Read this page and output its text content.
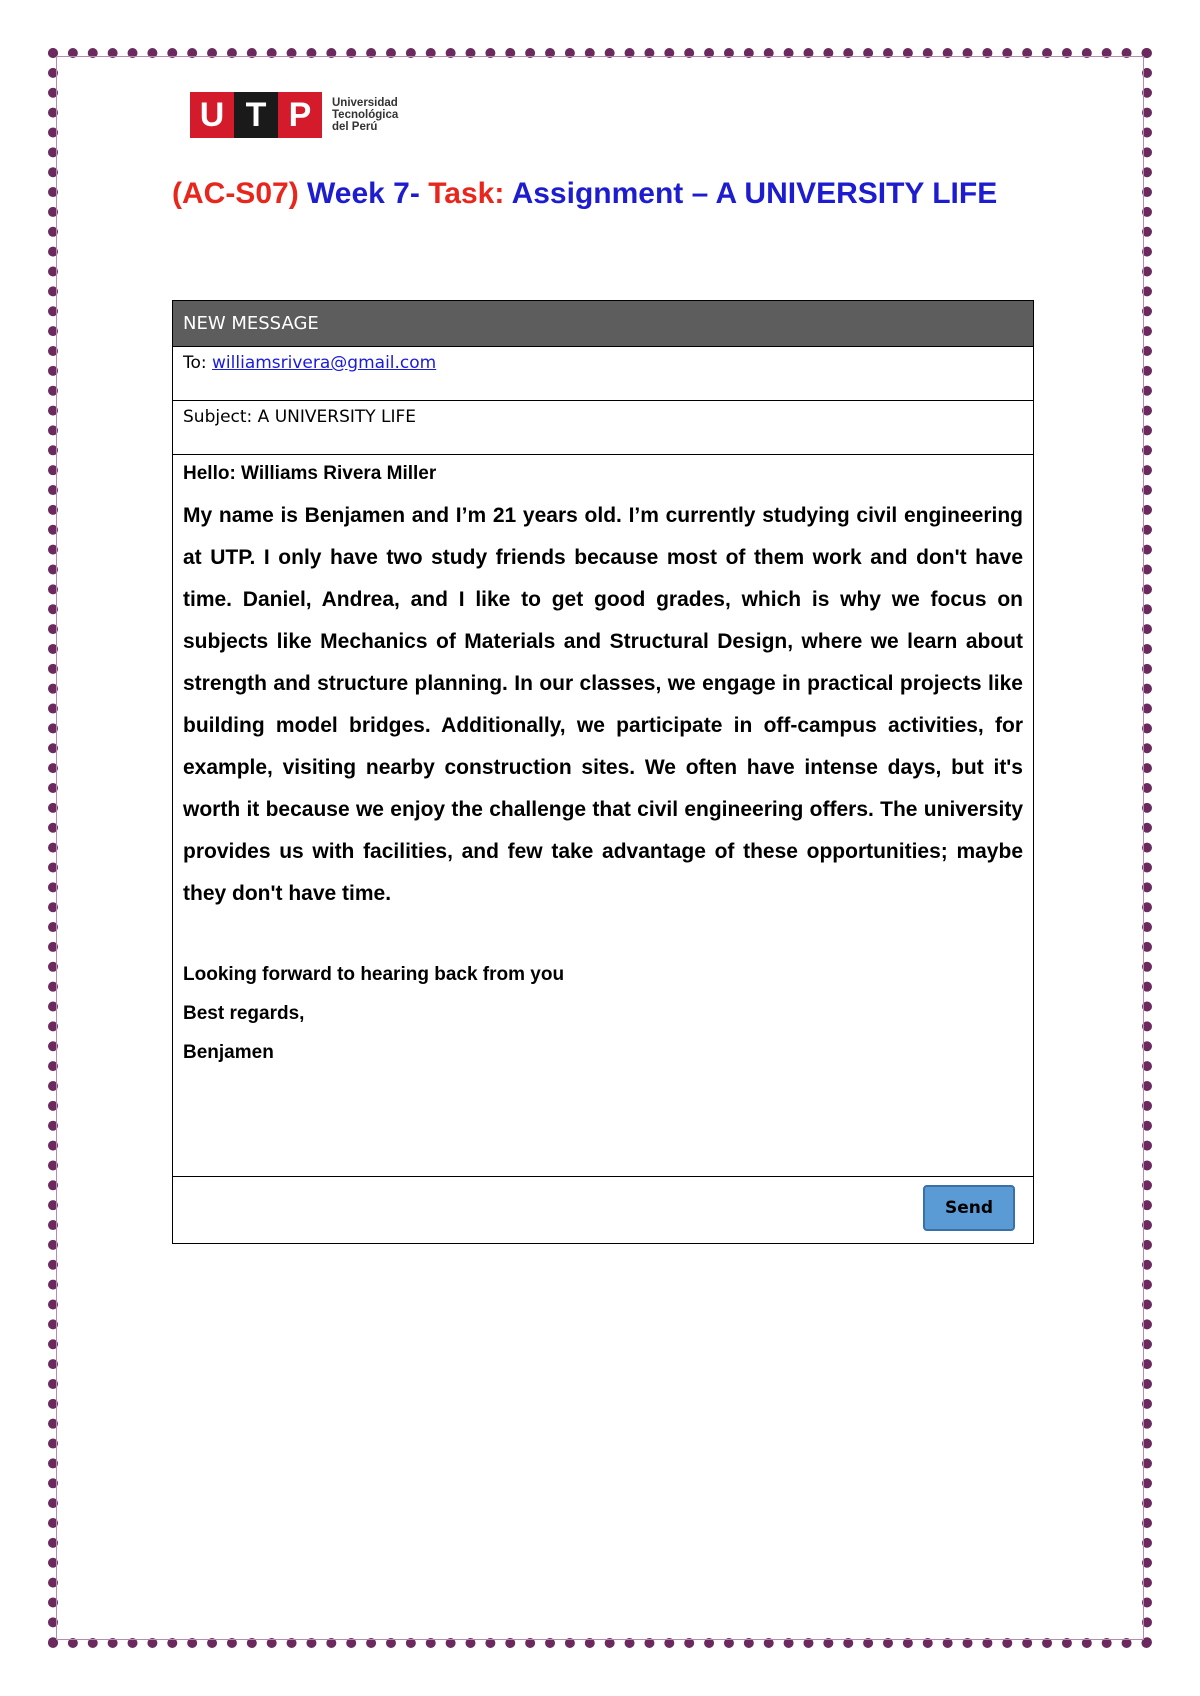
U T P	Universidad
Tecnológica
del Perú
(AC-S07) Week 7- Task: Assignment – A UNIVERSITY LIFE
NEW MESSAGE
To: williamsrivera@gmail.com
Subject: A UNIVERSITY LIFE

Hello: Williams Rivera Miller

My name is Benjamen and I’m 21 years old. I’m currently studying civil engineering at UTP. I only have two study friends because most of them work and don't have time. Daniel, Andrea, and I like to get good grades, which is why we focus on subjects like Mechanics of Materials and Structural Design, where we learn about strength and structure planning. In our classes, we engage in practical projects like building model bridges. Additionally, we participate in off-campus activities, for example, visiting nearby construction sites. We often have intense days, but it's worth it because we enjoy the challenge that civil engineering offers. The university provides us with facilities, and few take advantage of these opportunities; maybe they don't have time.

Looking forward to hearing back from you
Best regards,
Benjamen
Send
